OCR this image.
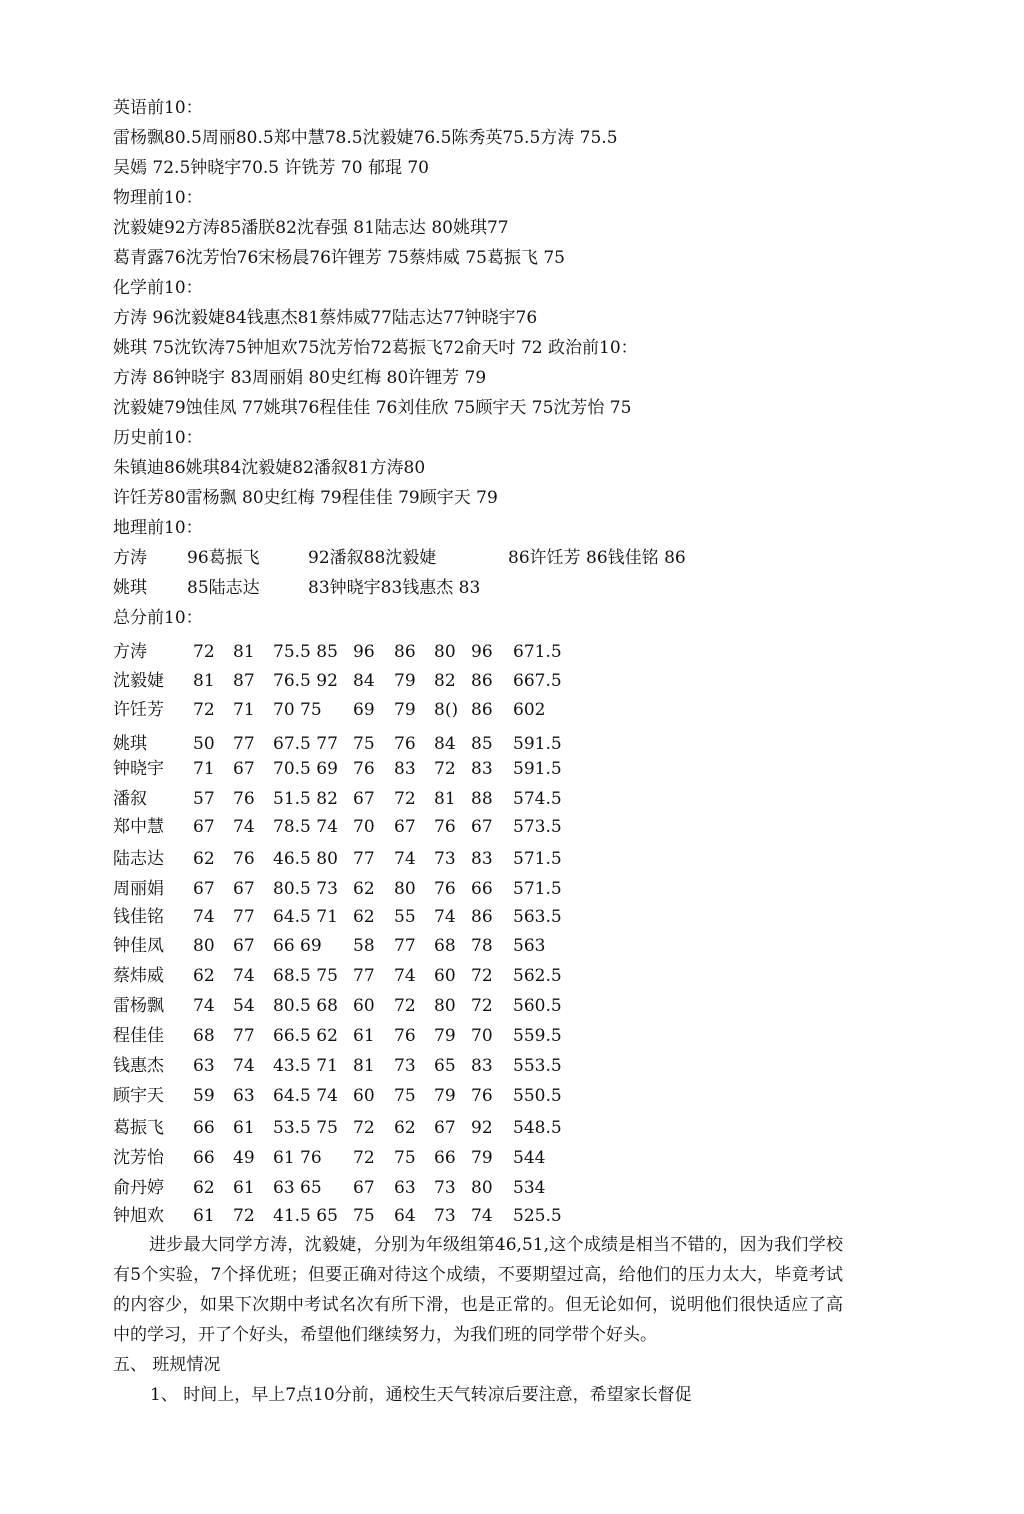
英语前10：
雷杨飘80.5周丽80.5郑中慧78.5沈毅婕76.5陈秀英75.5方涛 75.5
吴嫣 72.5钟晓宇70.5 许铣芳 70 郁琨 70
物理前10：
沈毅婕92方涛85潘朕82沈春强 81陆志达 80姚琪77
葛青露76沈芳怡76宋杨晨76许锂芳 75蔡炜威 75葛振飞 75
化学前10：
方涛 96沈毅婕84钱惠杰81蔡炜威77陆志达77钟晓宇76
姚琪 75沈钦涛75钟旭欢75沈芳怡72葛振飞72俞天吋 72 政治前10：
方涛 86钟晓宇 83周丽娟 80史红梅 80许锂芳 79
沈毅婕79蚀佳凤 77姚琪76程佳佳 76刘佳欣 75顾宇天 75沈芳怡 75
历史前10：
朱镇迪86姚琪84沈毅婕82潘叙81方涛80
许饪芳80雷杨飘 80史红梅 79程佳佳 79顾宇天 79
地理前10：
方涛 96葛振飞	92潘叙88沈毅婕	86许饪芳 86钱佳铭 86
姚琪 85陆志达	83钟晓宇83钱惠杰 83
总分前10：
方涛	72 81 75.5 85 96 86 80 96 671.5
沈毅婕 81 87 76.5 92 84 79 82 86 667.5
许饪芳 72 71 70 75 69 79 8() 86 602
姚琪	50 77 67.5 77 75 76 84 85 591.5
钟晓宇 71 67 70.5 69 76 83 72 83 591.5
潘叙	57 76 51.5 82 67 72 81 88 574.5
郑中慧 67 74 78.5 74 70 67 76 67 573.5
陆志达 62 76 46.5 80 77 74 73 83 571.5
周丽娟 67 67 80.5 73 62 80 76 66 571.5
钱佳铭 74 77 64.5 71 62 55 74 86 563.5
钟佳凤 80 67 66 69 58 77 68 78 563
蔡炜威 62 74 68.5 75 77 74 60 72 562.5
雷杨飘 74 54 80.5 68 60 72 80 72 560.5
程佳佳 68 77 66.5 62 61 76 79 70 559.5
钱惠杰 63 74 43.5 71 81 73 65 83 553.5
顾宇天 59 63 64.5 74 60 75 79 76 550.5
葛振飞 66 61 53.5 75 72 62 67 92 548.5
沈芳怡 66 49 61 76 72 75 66 79 544
俞丹婷 62 61 63 65 67 63 73 80 534
钟旭欢 61 72 41.5 65 75 64 73 74 525.5
进步最大同学方涛，沈毅婕，分别为年级组第46,51,这个成绩是相当不错的，因为我们学校有5个实验，7个择优班；但要正确对待这个成绩，不要期望过高，给他们的压力太大，毕竟考试的内容少，如果下次期中考试名次有所下滑，也是正常的。但无论如何，说明他们很快适应了高中的学习，开了个好头，希望他们继续努力，为我们班的同学带个好头。
五、 班规情况
1、 时间上，早上7点10分前，通校生天气转凉后要注意，希望家长督促
